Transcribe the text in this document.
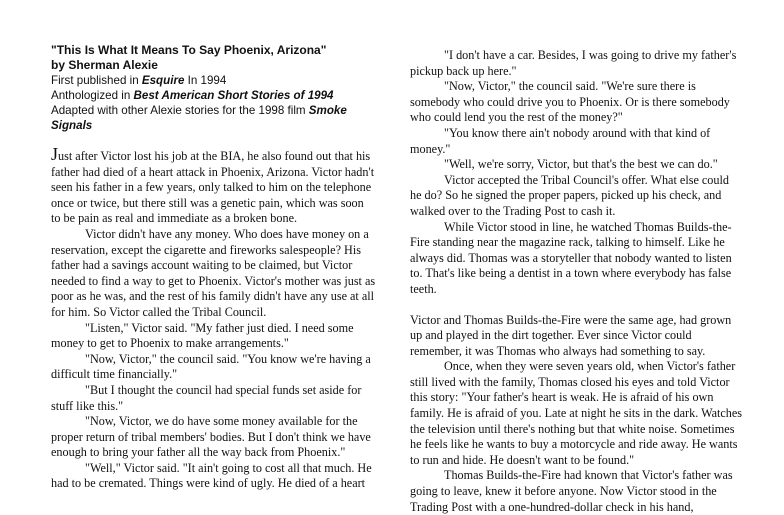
"This Is What It Means To Say Phoenix, Arizona"
by Sherman Alexie
First published in Esquire In 1994
Anthologized in Best American Short Stories of 1994
Adapted with other Alexie stories for the 1998 film Smoke Signals

Just after Victor lost his job at the BIA, he also found out that his father had died of a heart attack in Phoenix, Arizona. Victor hadn't seen his father in a few years, only talked to him on the telephone once or twice, but there still was a genetic pain, which was soon to be pain as real and immediate as a broken bone.

Victor didn't have any money. Who does have money on a reservation, except the cigarette and fireworks salespeople? His father had a savings account waiting to be claimed, but Victor needed to find a way to get to Phoenix. Victor's mother was just as poor as he was, and the rest of his family didn't have any use at all for him. So Victor called the Tribal Council.

"Listen," Victor said. "My father just died. I need some money to get to Phoenix to make arrangements."

"Now, Victor," the council said. "You know we're having a difficult time financially."

"But I thought the council had special funds set aside for stuff like this."

"Now, Victor, we do have some money available for the proper return of tribal members' bodies. But I don't think we have enough to bring your father all the way back from Phoenix."

"Well," Victor said. "It ain't going to cost all that much. He had to be cremated. Things were kind of ugly. He died of a heart

"I don't have a car. Besides, I was going to drive my father's pickup back up here."

"Now, Victor," the council said. "We're sure there is somebody who could drive you to Phoenix. Or is there somebody who could lend you the rest of the money?"

"You know there ain't nobody around with that kind of money."

"Well, we're sorry, Victor, but that's the best we can do."

Victor accepted the Tribal Council's offer. What else could he do? So he signed the proper papers, picked up his check, and walked over to the Trading Post to cash it.

While Victor stood in line, he watched Thomas Builds-the-Fire standing near the magazine rack, talking to himself. Like he always did. Thomas was a storyteller that nobody wanted to listen to. That's like being a dentist in a town where everybody has false teeth.

Victor and Thomas Builds-the-Fire were the same age, had grown up and played in the dirt together. Ever since Victor could remember, it was Thomas who always had something to say.

Once, when they were seven years old, when Victor's father still lived with the family, Thomas closed his eyes and told Victor this story: "Your father's heart is weak. He is afraid of his own family. He is afraid of you. Late at night he sits in the dark. Watches the television until there's nothing but that white noise. Sometimes he feels like he wants to buy a motorcycle and ride away. He wants to run and hide. He doesn't want to be found."

Thomas Builds-the-Fire had known that Victor's father was going to leave, knew it before anyone. Now Victor stood in the Trading Post with a one-hundred-dollar check in his hand,
